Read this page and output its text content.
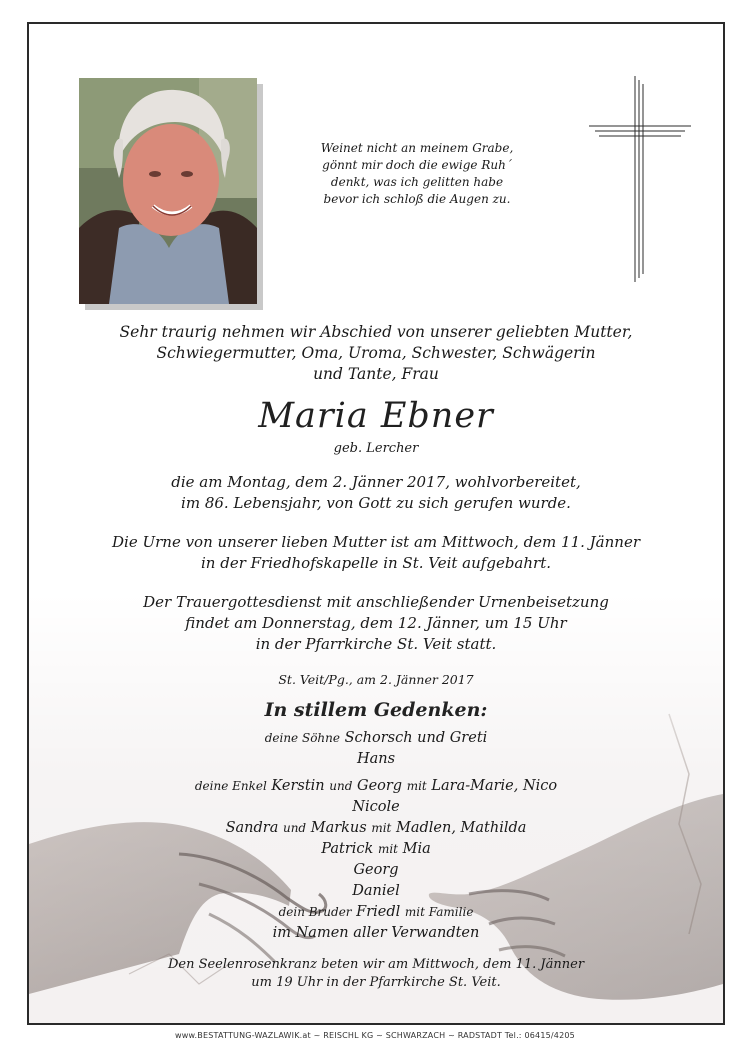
Weinet nicht an meinem Grabe,
gönnt mir doch die ewige Ruh´
denkt, was ich gelitten habe
bevor ich schloß die Augen zu.

Sehr traurig nehmen wir Abschied von unserer geliebten Mutter,

Schwiegermutter, Oma, Uroma, Schwester, Schwägerin

und Tante, Frau

Maria Ebner

geb. Lercher

die am Montag, dem 2. Jänner 2017, wohlvorbereitet,

im 86. Lebensjahr, von Gott zu sich gerufen wurde.

Die Urne von unserer lieben Mutter ist am Mittwoch, dem 11. Jänner

in der Friedhofskapelle in St. Veit aufgebahrt.

Der Trauergottesdienst mit anschließender Urnenbeisetzung

findet am Donnerstag, dem 12. Jänner, um 15 Uhr

in der Pfarrkirche St. Veit statt.

St. Veit/Pg., am 2. Jänner 2017

In stillem Gedenken:

deine Söhne Schorsch und Greti

Hans

deine Enkel Kerstin und Georg mit Lara-Marie, Nico

Nicole

Sandra und Markus mit Madlen, Mathilda

Patrick mit Mia

Georg

Daniel

dein Bruder Friedl mit Familie

im Namen aller Verwandten

Den Seelenrosenkranz beten wir am Mittwoch, dem 11. Jänner

um 19 Uhr in der Pfarrkirche St. Veit.

www.BESTATTUNG-WAZLAWIK.at ~ REISCHL KG ~ SCHWARZACH ~ RADSTADT Tel.: 06415/4205
